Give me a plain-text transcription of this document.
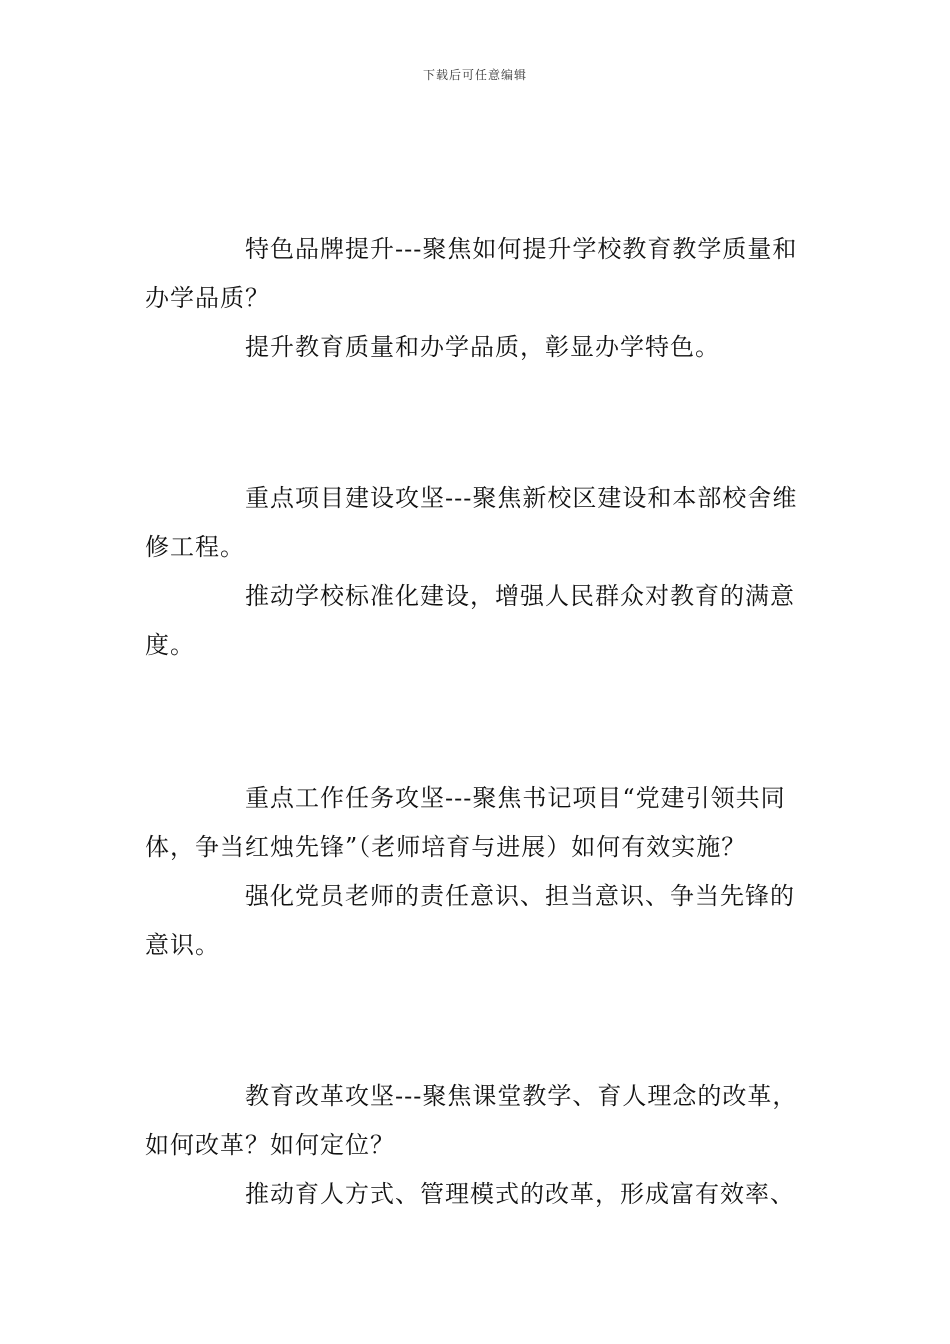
下载后可任意编辑

特色品牌提升---聚焦如何提升学校教育教学质量和办学品质？

提升教育质量和办学品质，彰显办学特色。

重点项目建设攻坚---聚焦新校区建设和本部校舍维修工程。

推动学校标准化建设，增强人民群众对教育的满意度。

重点工作任务攻坚---聚焦书记项目“党建引领共同体，争当红烛先锋”（老师培育与进展）如何有效实施？

强化党员老师的责任意识、担当意识、争当先锋的意识。

教育改革攻坚---聚焦课堂教学、育人理念的改革，如何改革？如何定位？

推动育人方式、管理模式的改革，形成富有效率、
